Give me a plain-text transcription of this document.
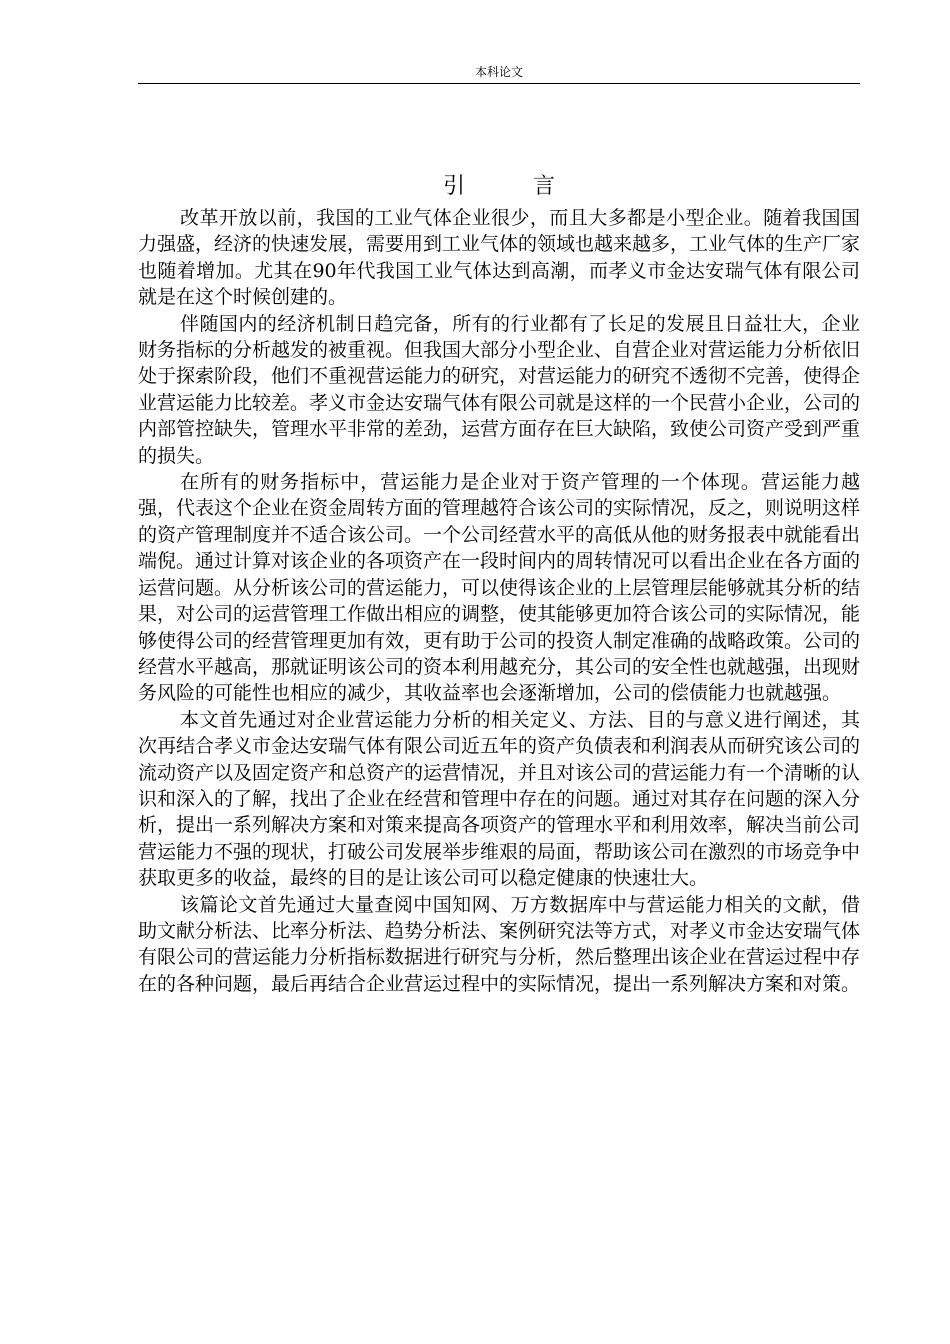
本科论文
引言

改革开放以前，我国的工业气体企业很少，而且大多都是小型企业。随着我国国力强盛，经济的快速发展，需要用到工业气体的领域也越来越多，工业气体的生产厂家也随着增加。尤其在90年代我国工业气体达到高潮，而孝义市金达安瑞气体有限公司就是在这个时候创建的。

伴随国内的经济机制日趋完备，所有的行业都有了长足的发展且日益壮大，企业财务指标的分析越发的被重视。但我国大部分小型企业、自营企业对营运能力分析依旧处于探索阶段，他们不重视营运能力的研究，对营运能力的研究不透彻不完善，使得企业营运能力比较差。孝义市金达安瑞气体有限公司就是这样的一个民营小企业，公司的内部管控缺失，管理水平非常的差劲，运营方面存在巨大缺陷，致使公司资产受到严重的损失。

在所有的财务指标中，营运能力是企业对于资产管理的一个体现。营运能力越强，代表这个企业在资金周转方面的管理越符合该公司的实际情况，反之，则说明这样的资产管理制度并不适合该公司。一个公司经营水平的高低从他的财务报表中就能看出端倪。通过计算对该企业的各项资产在一段时间内的周转情况可以看出企业在各方面的运营问题。从分析该公司的营运能力，可以使得该企业的上层管理层能够就其分析的结果，对公司的运营管理工作做出相应的调整，使其能够更加符合该公司的实际情况，能够使得公司的经营管理更加有效，更有助于公司的投资人制定准确的战略政策。公司的经营水平越高，那就证明该公司的资本利用越充分，其公司的安全性也就越强，出现财务风险的可能性也相应的减少，其收益率也会逐渐增加，公司的偿债能力也就越强。

本文首先通过对企业营运能力分析的相关定义、方法、目的与意义进行阐述，其次再结合孝义市金达安瑞气体有限公司近五年的资产负债表和利润表从而研究该公司的流动资产以及固定资产和总资产的运营情况，并且对该公司的营运能力有一个清晰的认识和深入的了解，找出了企业在经营和管理中存在的问题。通过对其存在问题的深入分析，提出一系列解决方案和对策来提高各项资产的管理水平和利用效率，解决当前公司营运能力不强的现状，打破公司发展举步维艰的局面，帮助该公司在激烈的市场竞争中获取更多的收益，最终的目的是让该公司可以稳定健康的快速壮大。

该篇论文首先通过大量查阅中国知网、万方数据库中与营运能力相关的文献，借助文献分析法、比率分析法、趋势分析法、案例研究法等方式，对孝义市金达安瑞气体有限公司的营运能力分析指标数据进行研究与分析，然后整理出该企业在营运过程中存在的各种问题，最后再结合企业营运过程中的实际情况，提出一系列解决方案和对策。
